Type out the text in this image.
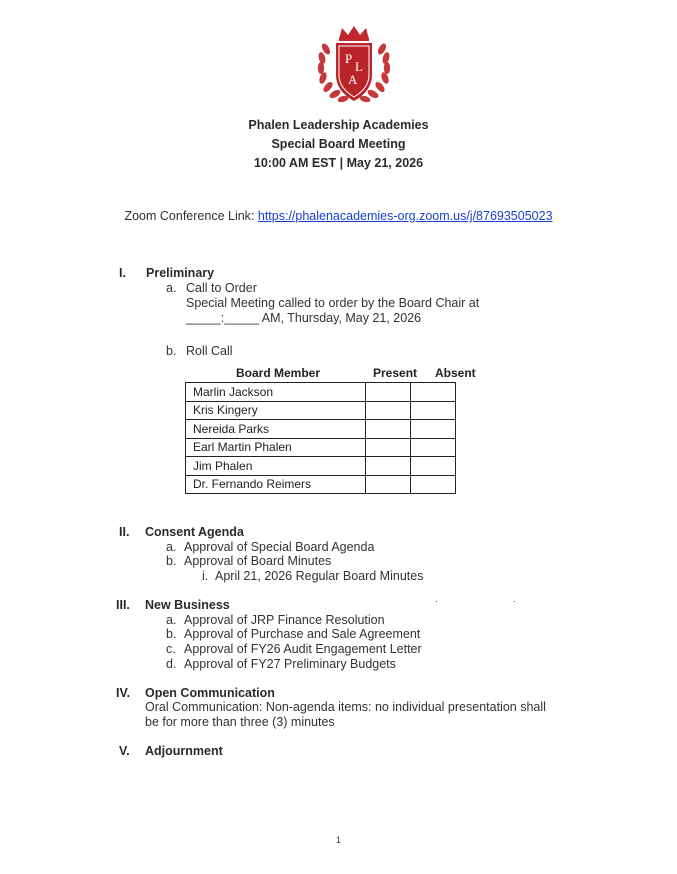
P
L
A
Phalen Leadership Academies
Special Board Meeting
10:00 AM EST | May 21, 2026
Zoom Conference Link: https://phalenacademies-org.zoom.us/j/87693505023
I. Preliminary
a. Call to Order
Special Meeting called to order by the Board Chair at
_____:_____ AM, Thursday, May 21, 2026
b. Roll Call
Board Member	Present Absent
Marlin Jackson		
Kris Kingery		
Nereida Parks		
Earl Martin Phalen		
Jim Phalen		
Dr. Fernando Reimers		
II. Consent Agenda
a. Approval of Special Board Agenda
b. Approval of Board Minutes
i. April 21, 2026 Regular Board Minutes
III. New Business
a. Approval of JRP Finance Resolution
b. Approval of Purchase and Sale Agreement
c. Approval of FY26 Audit Engagement Letter
d. Approval of FY27 Preliminary Budgets
IV. Open Communication
Oral Communication: Non-agenda items: no individual presentation shall
be for more than three (3) minutes
V. Adjournment
1
